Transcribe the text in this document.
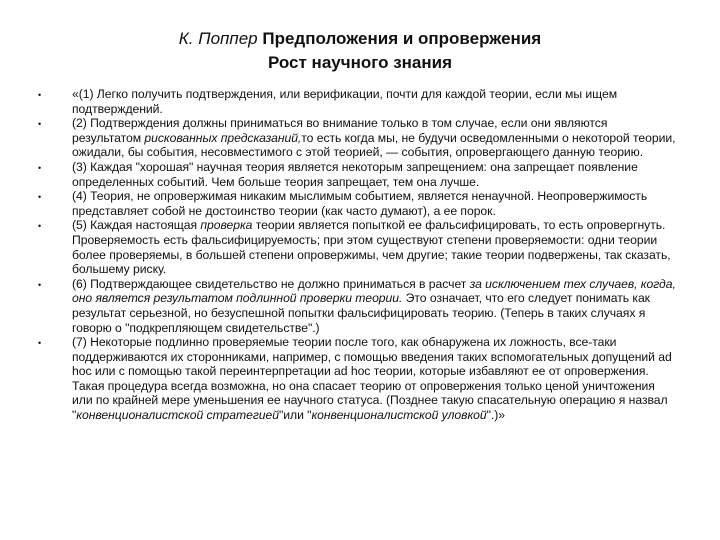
К. Поппер Предположения и опровержения
Рост научного знания
•	«(1) Легко получить подтверждения, или верификации, почти для каждой теории, если мы ищем подтверждений.
•	(2) Подтверждения должны приниматься во внимание только в том случае, если они являются результатом рискованных предсказаний,то есть когда мы, не будучи осведомленными о некоторой теории, ожидали, бы события, несовместимого с этой теорией, — события, опровергающего данную теорию.
•	(3) Каждая "хорошая" научная теория является некоторым запрещением: она запрещает появление определенных событий. Чем больше теория запрещает, тем она лучше.
•	(4) Теория, не опровержимая никаким мыслимым событием, является ненаучной. Неопровержимость представляет собой не достоинство теории (как часто думают), а ее порок.
•	(5) Каждая настоящая проверка теории является попыткой ее фальсифицировать, то есть опровергнуть. Проверяемость есть фальсифицируемость; при этом существуют степени проверяемости: одни теории более проверяемы, в большей степени опровержимы, чем другие; такие теории подвержены, так сказать, большему риску.
•	(6) Подтверждающее свидетельство не должно приниматься в расчет за исключением тех случаев, когда, оно является результатом подлинной проверки теории. Это означает, что его следует понимать как результат серьезной, но безуспешной попытки фальсифицировать теорию. (Теперь в таких случаях я говорю о "подкрепляющем свидетельстве".)
•	(7) Некоторые подлинно проверяемые теории после того, как обнаружена их ложность, все-таки поддерживаются их сторонниками, например, с помощью введения таких вспомогательных допущений ad hoc или с помощью такой переинтерпретации ad hoc теории, которые избавляют ее от опровержения. Такая процедура всегда возможна, но она спасает теорию от опровержения только ценой уничтожения или по крайней мере уменьшения ее научного статуса. (Позднее такую спасательную операцию я назвал "конвенционалистской стратегией"или "конвенционалистской уловкой".)»
